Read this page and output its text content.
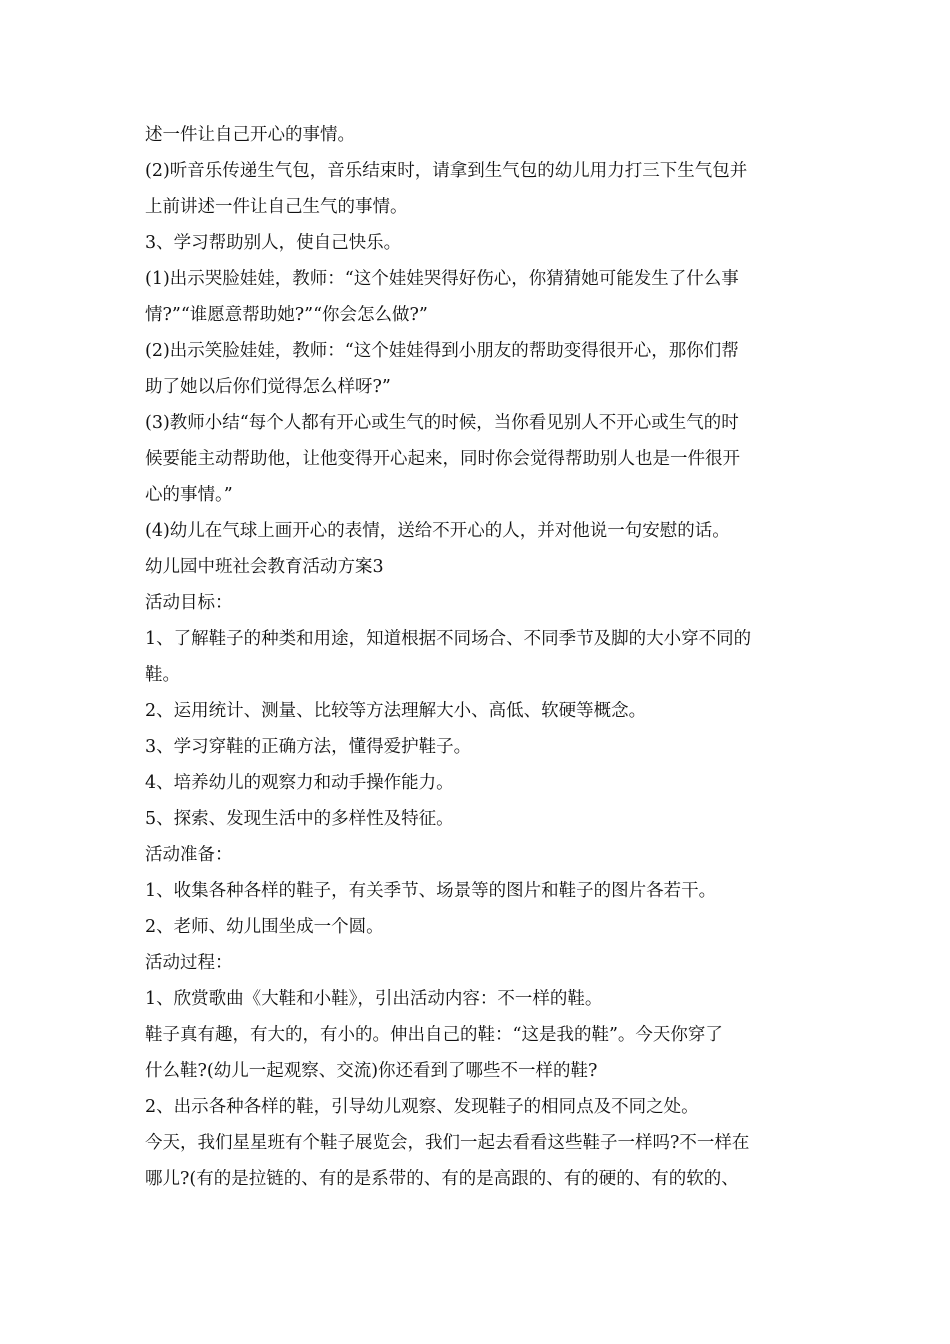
述一件让自己开心的事情。
(2)听音乐传递生气包，音乐结束时，请拿到生气包的幼儿用力打三下生气包并
上前讲述一件让自己生气的事情。
3、学习帮助别人，使自己快乐。
(1)出示哭脸娃娃，教师：“这个娃娃哭得好伤心，你猜猜她可能发生了什么事
情?”“谁愿意帮助她?”“你会怎么做?”
(2)出示笑脸娃娃，教师：“这个娃娃得到小朋友的帮助变得很开心，那你们帮
助了她以后你们觉得怎么样呀?”
(3)教师小结“每个人都有开心或生气的时候，当你看见别人不开心或生气的时
候要能主动帮助他，让他变得开心起来，同时你会觉得帮助别人也是一件很开
心的事情。”
(4)幼儿在气球上画开心的表情，送给不开心的人，并对他说一句安慰的话。
幼儿园中班社会教育活动方案3
活动目标：
1、了解鞋子的种类和用途，知道根据不同场合、不同季节及脚的大小穿不同的
鞋。
2、运用统计、测量、比较等方法理解大小、高低、软硬等概念。
3、学习穿鞋的正确方法，懂得爱护鞋子。
4、培养幼儿的观察力和动手操作能力。
5、探索、发现生活中的多样性及特征。
活动准备：
1、收集各种各样的鞋子，有关季节、场景等的图片和鞋子的图片各若干。
2、老师、幼儿围坐成一个圆。
活动过程：
1、欣赏歌曲《大鞋和小鞋》，引出活动内容：不一样的鞋。
鞋子真有趣，有大的，有小的。伸出自己的鞋：“这是我的鞋”。今天你穿了
什么鞋?(幼儿一起观察、交流)你还看到了哪些不一样的鞋?
2、出示各种各样的鞋，引导幼儿观察、发现鞋子的相同点及不同之处。
今天，我们星星班有个鞋子展览会，我们一起去看看这些鞋子一样吗?不一样在
哪儿?(有的是拉链的、有的是系带的、有的是高跟的、有的硬的、有的软的、
